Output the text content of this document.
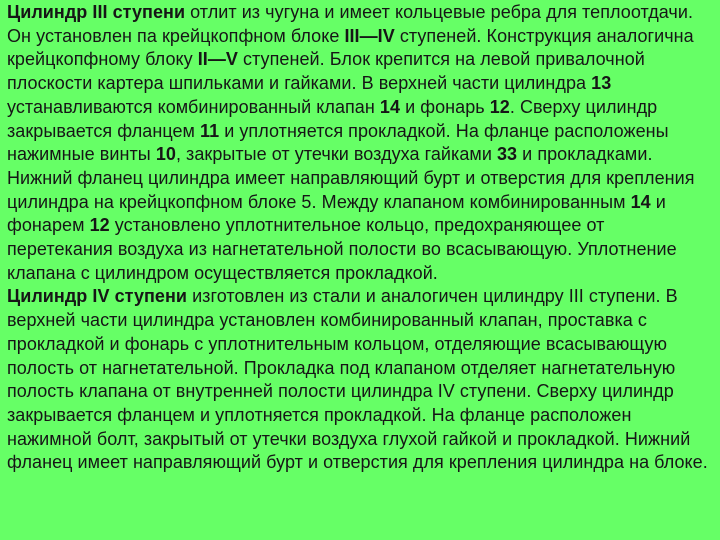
Цилиндр III ступени отлит из чугуна и имеет кольцевые ребра для теплоотдачи. Он установлен па крейцкопфном блоке III—IV ступеней. Конструкция аналогична крейцкопфному блоку II—V ступеней. Блок крепится на левой привалочной плоскости картера шпильками и гайками. В верхней части цилиндра 13 устанавливаются комбинированный клапан 14 и фонарь 12. Сверху цилиндр закрывается фланцем 11 и уплотняется прокладкой. На фланце расположены нажимные винты 10, закрытые от утечки воздуха гайками 33 и прокладками. Нижний фланец цилиндра имеет направляющий бурт и отверстия для крепления цилиндра на крейцкопфном блоке 5. Между клапаном комбинированным 14 и фонарем 12 установлено уплотнительное кольцо, предохраняющее от перетекания воздуха из нагнетательной полости во всасывающую. Уплотнение клапана с цилиндром осуществляется прокладкой.

Цилиндр IV ступени изготовлен из стали и аналогичен цилиндру III ступени. В верхней части цилиндра установлен комбинированный клапан, проставка с прокладкой и фонарь с уплотнительным кольцом, отделяющие всасывающую полость от нагнетательной. Прокладка под клапаном отделяет нагнетательную полость клапана от внутренней полости цилиндра IV ступени. Сверху цилиндр закрывается фланцем и уплотняется прокладкой. На фланце расположен нажимной болт, закрытый от утечки воздуха глухой гайкой и прокладкой. Нижний фланец имеет направляющий бурт и отверстия для крепления цилиндра на блоке.
